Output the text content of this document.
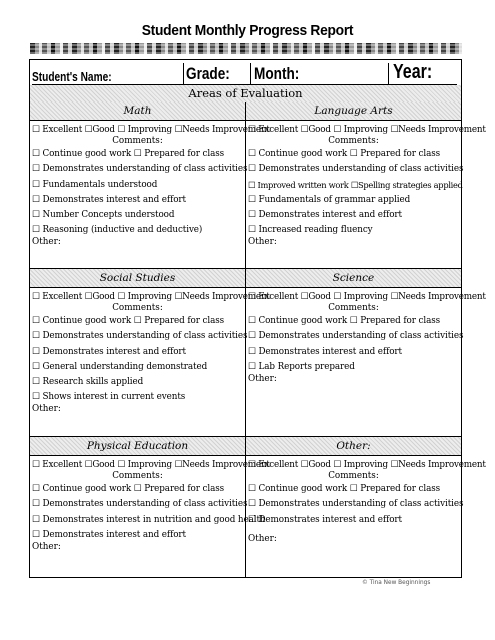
Student Monthly Progress Report
Student's Name:	Grade: Month:	Year:
Areas of Evaluation
Math
☐ Excellent ☐Good ☐ Improving ☐Needs Improvement
Comments:
☐ Continue good work ☐ Prepared for class
☐ Demonstrates understanding of class activities
☐ Fundamentals understood
☐ Demonstrates interest and effort
☐ Number Concepts understood
☐ Reasoning (inductive and deductive)
Other:
Language Arts
☐ Excellent ☐Good ☐ Improving ☐Needs Improvement
Comments:
☐ Continue good work ☐ Prepared for class
☐ Demonstrates understanding of class activities
☐ Improved written work ☐Spelling strategies applied
☐ Fundamentals of grammar applied
☐ Demonstrates interest and effort
☐ Increased reading fluency
Other:
Social Studies
☐ Excellent ☐Good ☐ Improving ☐Needs Improvement
Comments:
☐ Continue good work ☐ Prepared for class
☐ Demonstrates understanding of class activities
☐ Demonstrates interest and effort
☐ General understanding demonstrated
☐ Research skills applied
☐ Shows interest in current events
Other:
Science
☐ Excellent ☐Good ☐ Improving ☐Needs Improvement
Comments:
☐ Continue good work ☐ Prepared for class
☐ Demonstrates understanding of class activities
☐ Demonstrates interest and effort
☐ Lab Reports prepared
Other:
Physical Education
☐ Excellent ☐Good ☐ Improving ☐Needs Improvement
Comments:
☐ Continue good work ☐ Prepared for class
☐ Demonstrates understanding of class activities
☐ Demonstrates interest in nutrition and good health
☐ Demonstrates interest and effort
Other:
Other:
☐ Excellent ☐Good ☐ Improving ☐Needs Improvement
Comments:
☐ Continue good work ☐ Prepared for class
☐ Demonstrates understanding of class activities
☐ Demonstrates interest and effort
Other:
© Tina New Beginnings
